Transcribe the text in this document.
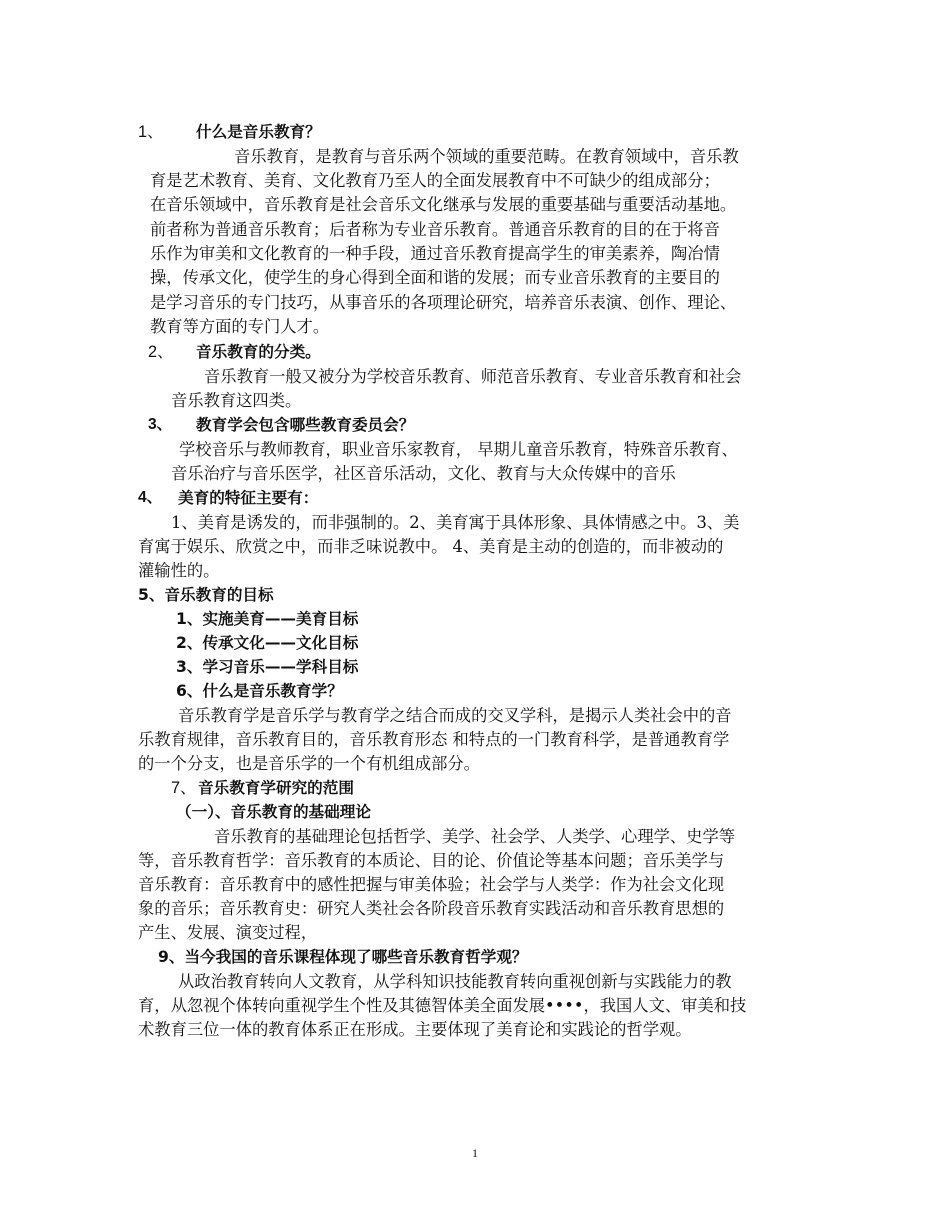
1、 什么是音乐教育？
音乐教育，是教育与音乐两个领域的重要范畴。在教育领域中，音乐教
育是艺术教育、美育、文化教育乃至人的全面发展教育中不可缺少的组成部分；
在音乐领域中，音乐教育是社会音乐文化继承与发展的重要基础与重要活动基地。
前者称为普通音乐教育；后者称为专业音乐教育。普通音乐教育的目的在于将音
乐作为审美和文化教育的一种手段，通过音乐教育提高学生的审美素养，陶冶情
操，传承文化，使学生的身心得到全面和谐的发展；而专业音乐教育的主要目的
是学习音乐的专门技巧，从事音乐的各项理论研究，培养音乐表演、创作、理论、
教育等方面的专门人才。
2、 音乐教育的分类。
音乐教育一般又被分为学校音乐教育、师范音乐教育、专业音乐教育和社会
音乐教育这四类。
3、 教育学会包含哪些教育委员会？
学校音乐与教师教育，职业音乐家教育， 早期儿童音乐教育，特殊音乐教育、
音乐治疗与音乐医学，社区音乐活动，文化、教育与大众传媒中的音乐
4、 美育的特征主要有：
1、美育是诱发的，而非强制的。2、美育寓于具体形象、具体情感之中。3、美
育寓于娱乐、欣赏之中，而非乏味说教中。 4、美育是主动的创造的，而非被动的
灌输性的。
5、音乐教育的目标
1、实施美育——美育目标
2、传承文化——文化目标
3、学习音乐——学科目标
6、什么是音乐教育学？
音乐教育学是音乐学与教育学之结合而成的交叉学科，是揭示人类社会中的音
乐教育规律，音乐教育目的，音乐教育形态 和特点的一门教育科学，是普通教育学
的一个分支，也是音乐学的一个有机组成部分。
7、 音乐教育学研究的范围
（一）、音乐教育的基础理论
音乐教育的基础理论包括哲学、美学、社会学、人类学、心理学、史学等
等，音乐教育哲学：音乐教育的本质论、目的论、价值论等基本问题；音乐美学与
音乐教育：音乐教育中的感性把握与审美体验；社会学与人类学：作为社会文化现
象的音乐；音乐教育史：研究人类社会各阶段音乐教育实践活动和音乐教育思想的
产生、发展、演变过程，
9、当今我国的音乐课程体现了哪些音乐教育哲学观？
从政治教育转向人文教育，从学科知识技能教育转向重视创新与实践能力的教
育，从忽视个体转向重视学生个性及其德智体美全面发展••••，我国人文、审美和技
术教育三位一体的教育体系正在形成。主要体现了美育论和实践论的哲学观。
1
